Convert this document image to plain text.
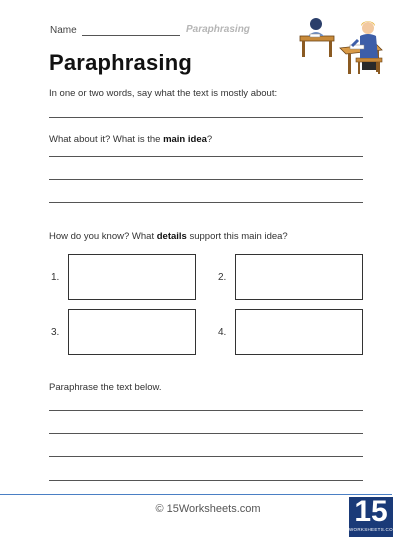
Name	Paraphrasing
Paraphrasing
In one or two words, say what the text is mostly about:
What about it? What is the main idea?
How do you know? What details support this main idea?
1.	2.
3.	4.
Paraphrase the text below.
© 15Worksheets.com	15
WORKSHEETS.COM
